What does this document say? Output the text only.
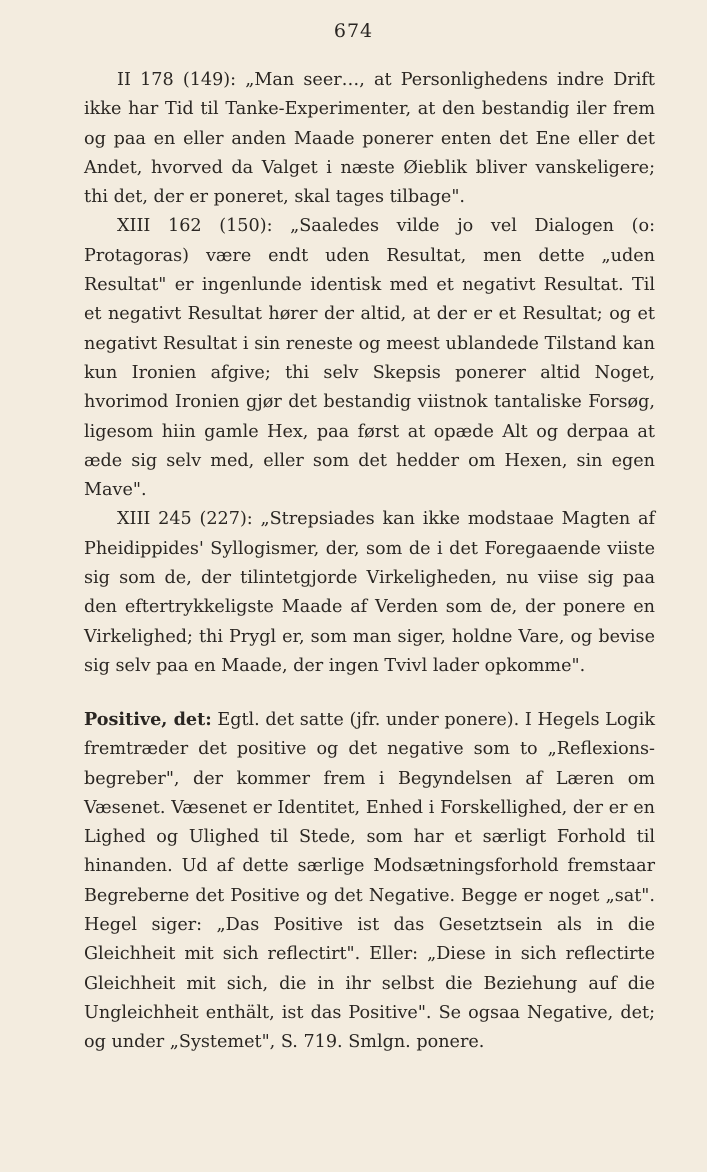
674

II 178 (149): „Man seer…, at Personlighedens indre Drift ikke har Tid til Tanke-Experimenter, at den bestandig iler frem og paa en eller anden Maade ponerer enten det Ene eller det Andet, hvorved da Valget i næste Øieblik bliver vanskeligere; thi det, der er poneret, skal tages tilbage".

XIII 162 (150): „Saaledes vilde jo vel Dialogen (o: Protagoras) være endt uden Resultat, men dette „uden Resultat" er ingenlunde identisk med et negativt Resultat. Til et negativt Resultat hører der altid, at der er et Resultat; og et negativt Resultat i sin reneste og meest ublandede Tilstand kan kun Ironien afgive; thi selv Skepsis ponerer altid Noget, hvorimod Ironien gjør det bestandig viistnok tantaliske Forsøg, ligesom hiin gamle Hex, paa først at opæde Alt og derpaa at æde sig selv med, eller som det hedder om Hexen, sin egen Mave".

XIII 245 (227): „Strepsiades kan ikke modstaae Magten af Pheidippides' Syllogismer, der, som de i det Foregaaende viiste sig som de, der tilintetgjorde Virkeligheden, nu viise sig paa den eftertrykkeligste Maade af Verden som de, der ponere en Virkelighed; thi Prygl er, som man siger, holdne Vare, og bevise sig selv paa en Maade, der ingen Tvivl lader opkomme".

Positive, det: Egtl. det satte (jfr. under ponere). I Hegels Logik fremtræder det positive og det negative som to „Reflexions-begreber", der kommer frem i Begyndelsen af Læren om Væsenet. Væsenet er Identitet, Enhed i Forskellighed, der er en Lighed og Ulighed til Stede, som har et særligt Forhold til hinanden. Ud af dette særlige Modsætningsforhold fremstaar Begreberne det Positive og det Negative. Begge er noget „sat". Hegel siger: „Das Positive ist das Gesetztsein als in die Gleichheit mit sich reflectirt". Eller: „Diese in sich reflectirte Gleichheit mit sich, die in ihr selbst die Beziehung auf die Ungleichheit enthält, ist das Positive". Se ogsaa Negative, det; og under „Systemet", S. 719. Smlgn. ponere.
